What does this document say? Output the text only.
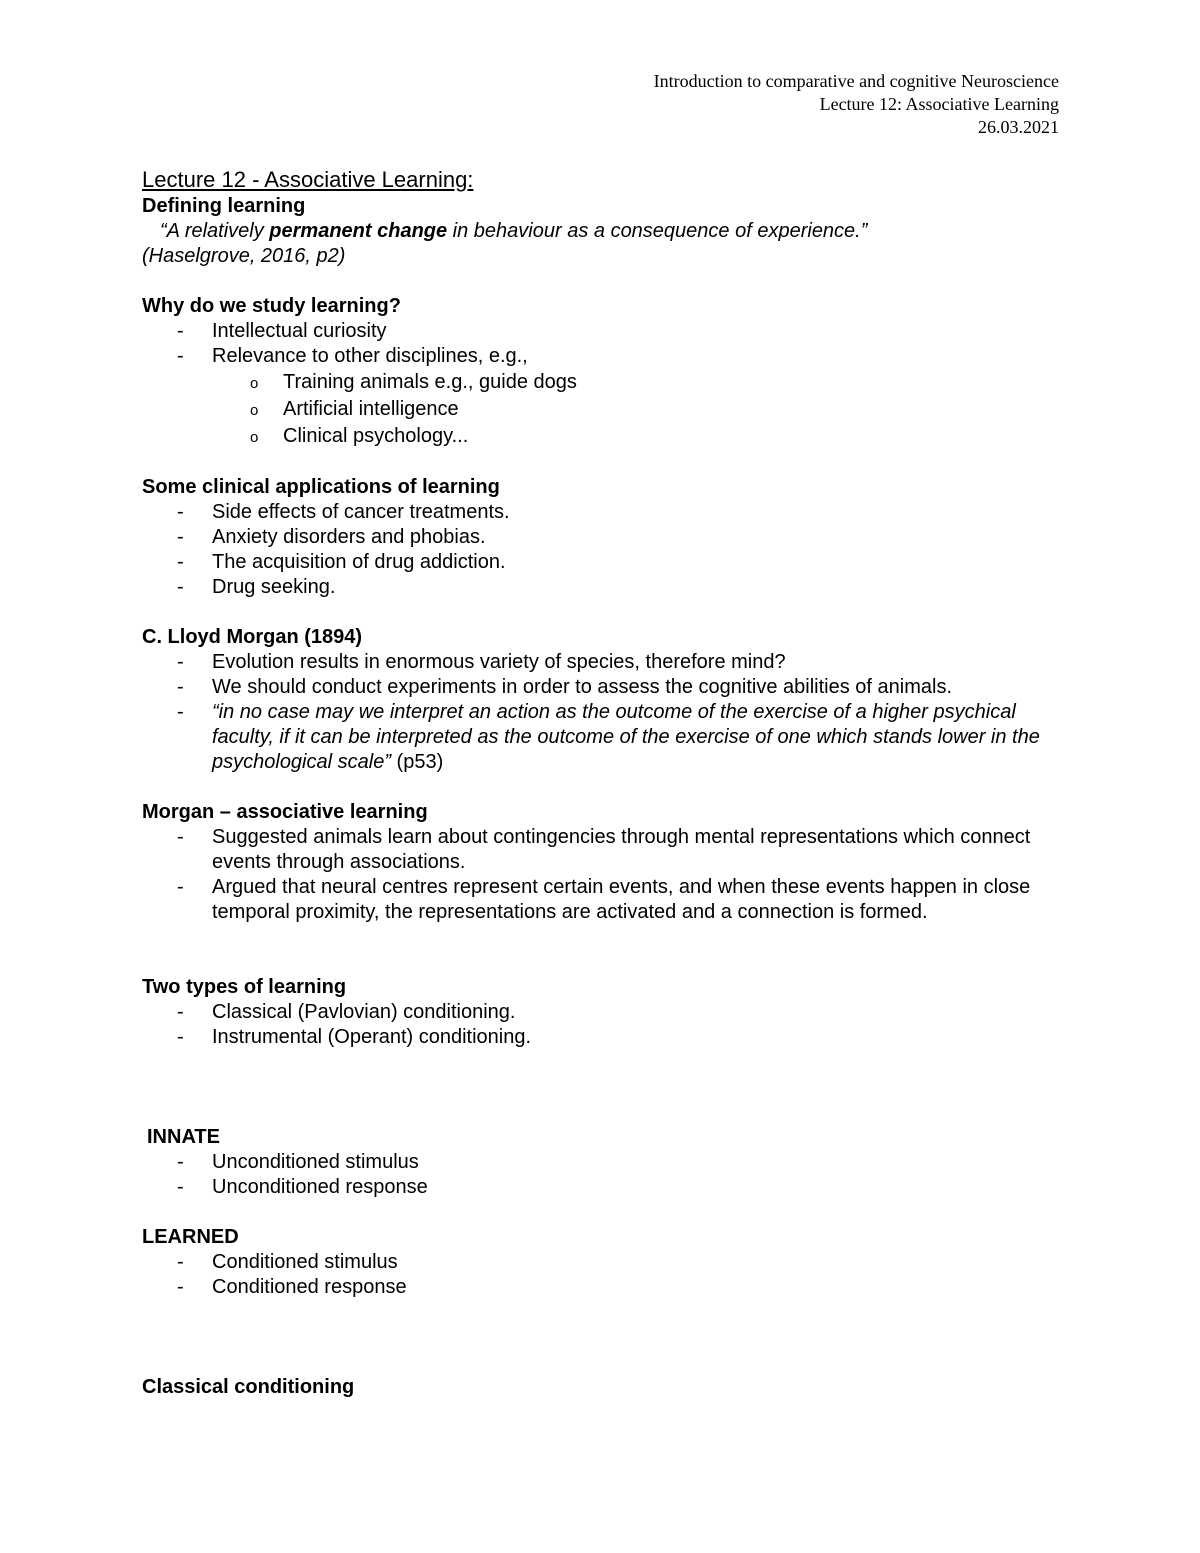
Introduction to comparative and cognitive Neuroscience
Lecture 12: Associative Learning
26.03.2021
Lecture 12 - Associative Learning:
Defining learning
“A relatively permanent change in behaviour as a consequence of experience.”
(Haselgrove, 2016, p2)
Why do we study learning?
- Intellectual curiosity
- Relevance to other disciplines, e.g.,
o Training animals e.g., guide dogs
o Artificial intelligence
o Clinical psychology...
Some clinical applications of learning
- Side effects of cancer treatments.
- Anxiety disorders and phobias.
- The acquisition of drug addiction.
- Drug seeking.
C. Lloyd Morgan (1894)
- Evolution results in enormous variety of species, therefore mind?
- We should conduct experiments in order to assess the cognitive abilities of animals.
- “in no case may we interpret an action as the outcome of the exercise of a higher psychical faculty, if it can be interpreted as the outcome of the exercise of one which stands lower in the psychological scale” (p53)
Morgan – associative learning
- Suggested animals learn about contingencies through mental representations which connect events through associations.
- Argued that neural centres represent certain events, and when these events happen in close temporal proximity, the representations are activated and a connection is formed.
Two types of learning
- Classical (Pavlovian) conditioning.
- Instrumental (Operant) conditioning.
INNATE
- Unconditioned stimulus
- Unconditioned response
LEARNED
- Conditioned stimulus
- Conditioned response
Classical conditioning
